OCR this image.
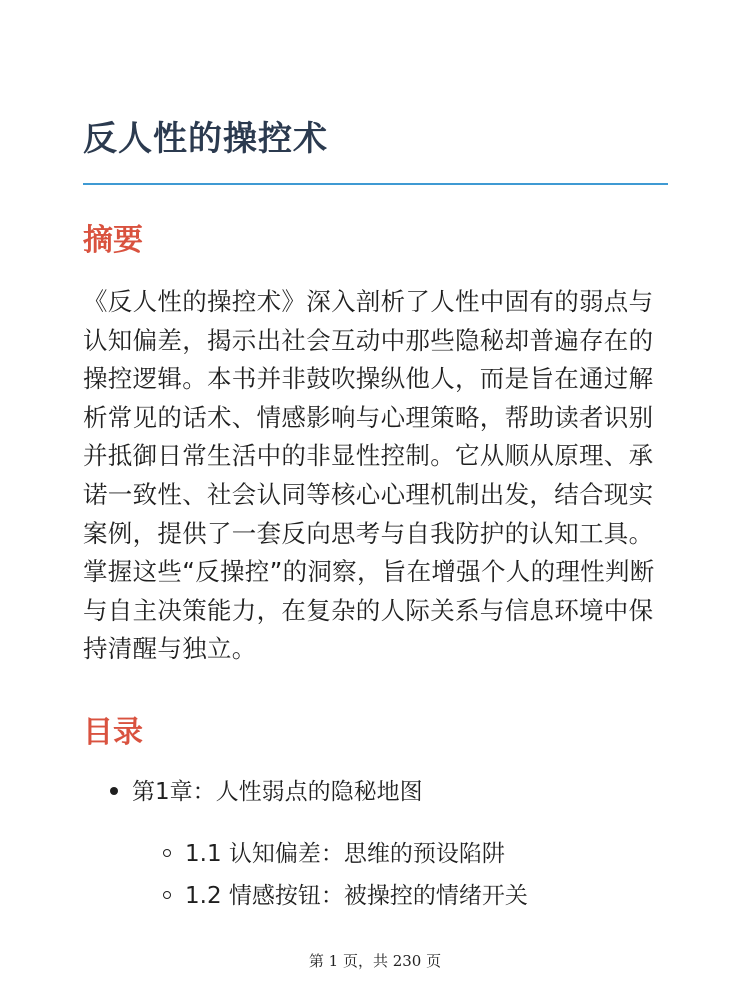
反人性的操控术
摘要

《反人性的操控术》深入剖析了人性中固有的弱点与认知偏差，揭示出社会互动中那些隐秘却普遍存在的操控逻辑。本书并非鼓吹操纵他人，而是旨在通过解析常见的话术、情感影响与心理策略，帮助读者识别并抵御日常生活中的非显性控制。它从顺从原理、承诺一致性、社会认同等核心心理机制出发，结合现实案例，提供了一套反向思考与自我防护的认知工具。掌握这些“反操控”的洞察，旨在增强个人的理性判断与自主决策能力，在复杂的人际关系与信息环境中保持清醒与独立。

目录
第1章：人性弱点的隐秘地图
1.1 认知偏差：思维的预设陷阱
1.2 情感按钮：被操控的情绪开关
第 1 页，共 230 页
